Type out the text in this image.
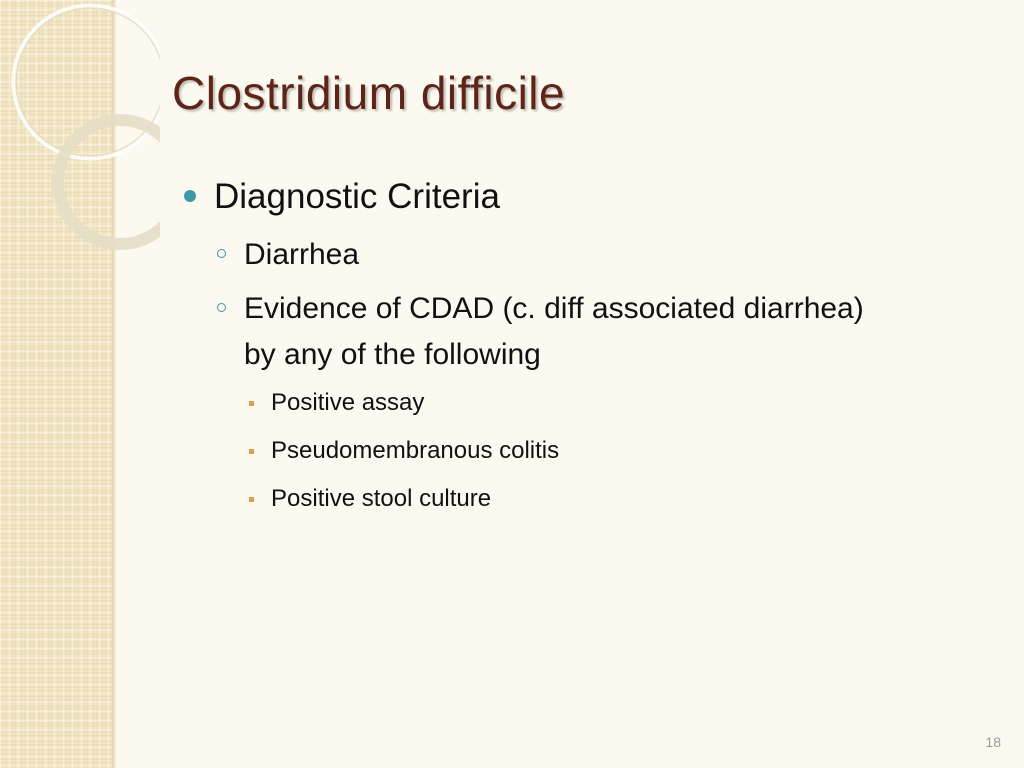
Clostridium difficile
Diagnostic Criteria
Diarrhea
Evidence of CDAD (c. diff associated diarrhea) by any of the following
Positive assay
Pseudomembranous colitis
Positive stool culture
18
